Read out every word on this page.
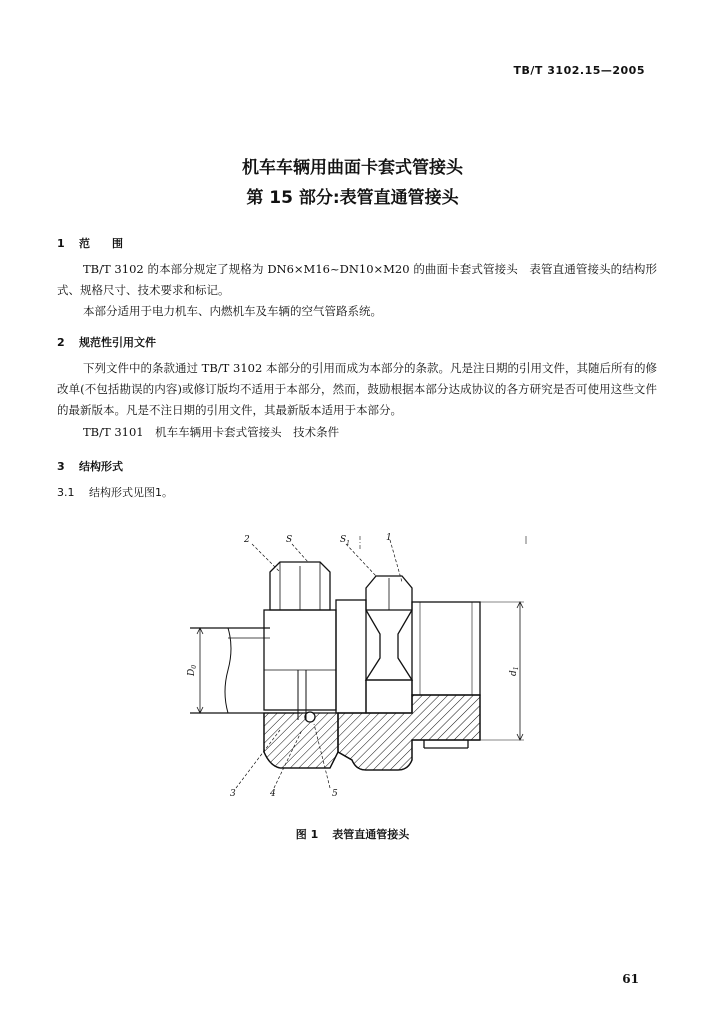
TB/T 3102.15—2005
机车车辆用曲面卡套式管接头
第 15 部分:表管直通管接头
1 范　　围
TB/T 3102 的本部分规定了规格为 DN6×M16~DN10×M20 的曲面卡套式管接头　表管直通管接头的结构形式、规格尺寸、技术要求和标记。
本部分适用于电力机车、内燃机车及车辆的空气管路系统。
2 规范性引用文件
下列文件中的条款通过 TB/T 3102 本部分的引用而成为本部分的条款。凡是注日期的引用文件，其随后所有的修改单(不包括勘误的内容)或修订版均不适用于本部分，然而，鼓励根据本部分达成协议的各方研究是否可使用这些文件的最新版本。凡是不注日期的引用文件，其最新版本适用于本部分。
TB/T 3101　机车车辆用卡套式管接头　技术条件
3 结构形式
3.1 结构形式见图1。
2	S	$S_1$
1
3	4	5
$D_0$
$d_1$
图 1 表管直通管接头
61
